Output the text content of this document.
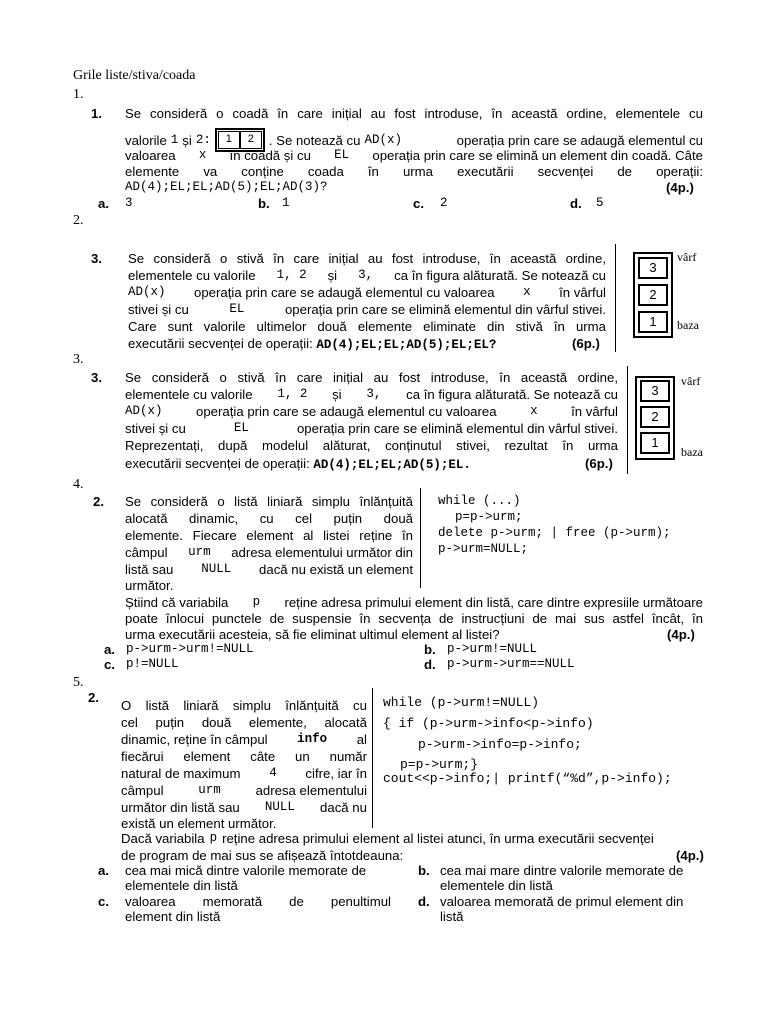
Grile liste/stiva/coada
1.
1. Se consideră o coadă în care inițial au fost introduse, în această ordine, elementele cu
valorile 1 și 2:	1	2	. Se notează cu AD(x)	operația prin care se adaugă elementul cu
valoarea x în coadă și cu EL operația prin care se elimină un element din coadă. Câte
elemente va conține coada în urma executării secvenței de operații:
AD(4);EL;EL;AD(5);EL;AD(3)?	(4p.)
a. 3	b. 1	c. 2	d. 5
2.
3. Se consideră o stivă în care inițial au fost introduse, în această ordine,
elementele cu valorile 1, 2 și 3, ca în figura alăturată. Se notează cu
AD(x) operația prin care se adaugă elementul cu valoarea x în vârful
stivei și cu	EL	operația prin care se elimină elementul din vârful stivei.
Care sunt valorile ultimelor două elemente eliminate din stivă în urma
executării secvenței de operații: AD(4);EL;EL;AD(5);EL;EL?	(6p.)
3
2
1
vârf
baza
3.
3. Se consideră o stivă în care inițial au fost introduse, în această ordine,
elementele cu valorile 1, 2 și 3, ca în figura alăturată. Se notează cu
AD(x)	operația prin care se adaugă elementul cu valoarea	x	în vârful
stivei și cu	EL	operația prin care se elimină elementul din vârful stivei.
Reprezentați, după modelul alăturat, conținutul stivei, rezultat în urma
executării secvenței de operații: AD(4);EL;EL;AD(5);EL.	(6p.)
3
2
1
vârf
baza
4.
2. Se consideră o listă liniară simplu înlănțuită
alocată dinamic, cu cel puțin două
elemente. Fiecare element al listei reține în
câmpul urm adresa elementului următor din
listă sau NULL dacă nu există un element
următor.
while (...)
p=p->urm;
delete p->urm; | free (p->urm);
p->urm=NULL;
Știind că variabila p reține adresa primului element din listă, care dintre expresiile următoare
poate înlocui punctele de suspensie în secvența de instrucțiuni de mai sus astfel încât, în
urma executării acesteia, să fie eliminat ultimul element al listei?	(4p.)
a. p->urm->urm!=NULL	b. p->urm!=NULL
c. p!=NULL	d. p->urm->urm==NULL
5.
2.
O listă liniară simplu înlănțuită cu
cel puțin două elemente, alocată
dinamic, reține în câmpul info al
fiecărui element câte un număr
natural de maximum 4 cifre, iar în
câmpul	urm	adresa elementului
următor din listă sau NULL dacă nu
există un element următor.
while (p->urm!=NULL)
{ if (p->urm->info<p->info)
p->urm->info=p->info;
p=p->urm;}
cout<<p->info;| printf(“%d”,p->info);
Dacă variabila p reține adresa primului element al listei atunci, în urma executării secvenței
de program de mai sus se afișează întotdeauna:	(4p.)
a. cea mai mică dintre valorile memorate de
elementele din listă
b. cea mai mare dintre valorile memorate de
elementele din listă
c. valoarea memorată de penultimul
element din listă
d. valoarea memorată de primul element din
listă
